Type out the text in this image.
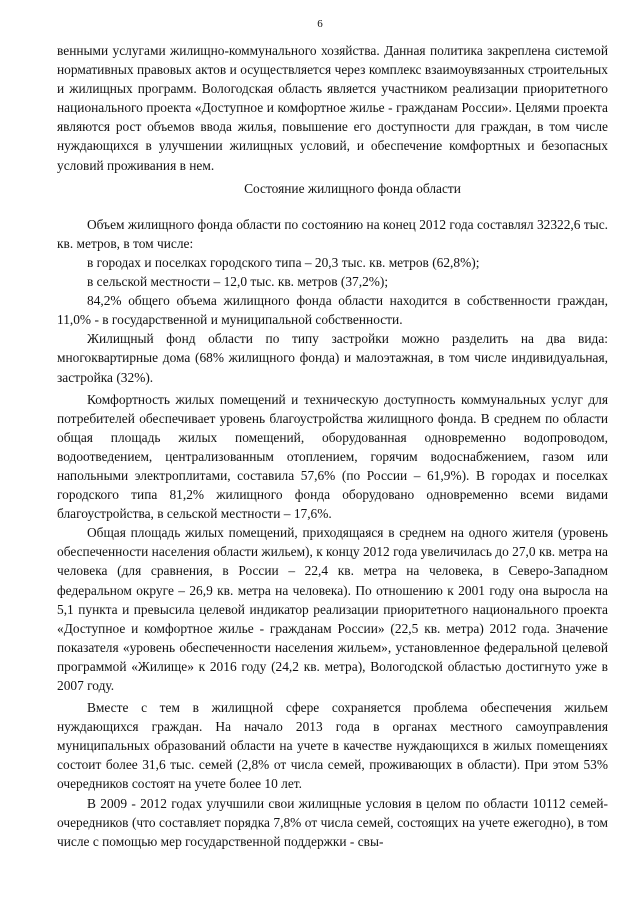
6

венными услугами жилищно-коммунального хозяйства. Данная политика закреплена системой нормативных правовых актов и осуществляется через комплекс взаимоувязанных строительных и жилищных программ. Вологодская область является участником реализации приоритетного национального проекта «Доступное и комфортное жилье - гражданам России». Целями проекта являются рост объемов ввода жилья, повышение его доступности для граждан, в том числе нуждающихся в улучшении жилищных условий, и обеспечение комфортных и безопасных условий проживания в нем.

Состояние жилищного фонда области

Объем жилищного фонда области по состоянию на конец 2012 года составлял 32322,6 тыс. кв. метров, в том числе:

в городах и поселках городского типа – 20,3 тыс. кв. метров (62,8%);

в сельской местности – 12,0 тыс. кв. метров (37,2%);

84,2% общего объема жилищного фонда области находится в собственности граждан, 11,0% - в государственной и муниципальной собственности.

Жилищный фонд области по типу застройки можно разделить на два вида: многоквартирные дома (68% жилищного фонда) и малоэтажная, в том числе индивидуальная, застройка (32%).

Комфортность жилых помещений и техническую доступность коммунальных услуг для потребителей обеспечивает уровень благоустройства жилищного фонда. В среднем по области общая площадь жилых помещений, оборудованная одновременно водопроводом, водоотведением, централизованным отоплением, горячим водоснабжением, газом или напольными электроплитами, составила 57,6% (по России – 61,9%). В городах и поселках городского типа 81,2% жилищного фонда оборудовано одновременно всеми видами благоустройства, в сельской местности – 17,6%.

Общая площадь жилых помещений, приходящаяся в среднем на одного жителя (уровень обеспеченности населения области жильем), к концу 2012 года увеличилась до 27,0 кв. метра на человека (для сравнения, в России – 22,4 кв. метра на человека, в Северо-Западном федеральном округе – 26,9 кв. метра на человека). По отношению к 2001 году она выросла на 5,1 пункта и превысила целевой индикатор реализации приоритетного национального проекта «Доступное и комфортное жилье - гражданам России» (22,5 кв. метра) 2012 года. Значение показателя «уровень обеспеченности населения жильем», установленное федеральной целевой программой «Жилище» к 2016 году (24,2 кв. метра), Вологодской областью достигнуто уже в 2007 году.

Вместе с тем в жилищной сфере сохраняется проблема обеспечения жильем нуждающихся граждан. На начало 2013 года в органах местного самоуправления муниципальных образований области на учете в качестве нуждающихся в жилых помещениях состоит более 31,6 тыс. семей (2,8% от числа семей, проживающих в области). При этом 53% очередников состоят на учете более 10 лет.

В 2009 - 2012 годах улучшили свои жилищные условия в целом по области 10112 семей-очередников (что составляет порядка 7,8% от числа семей, состоящих на учете ежегодно), в том числе с помощью мер государственной поддержки - свы-
